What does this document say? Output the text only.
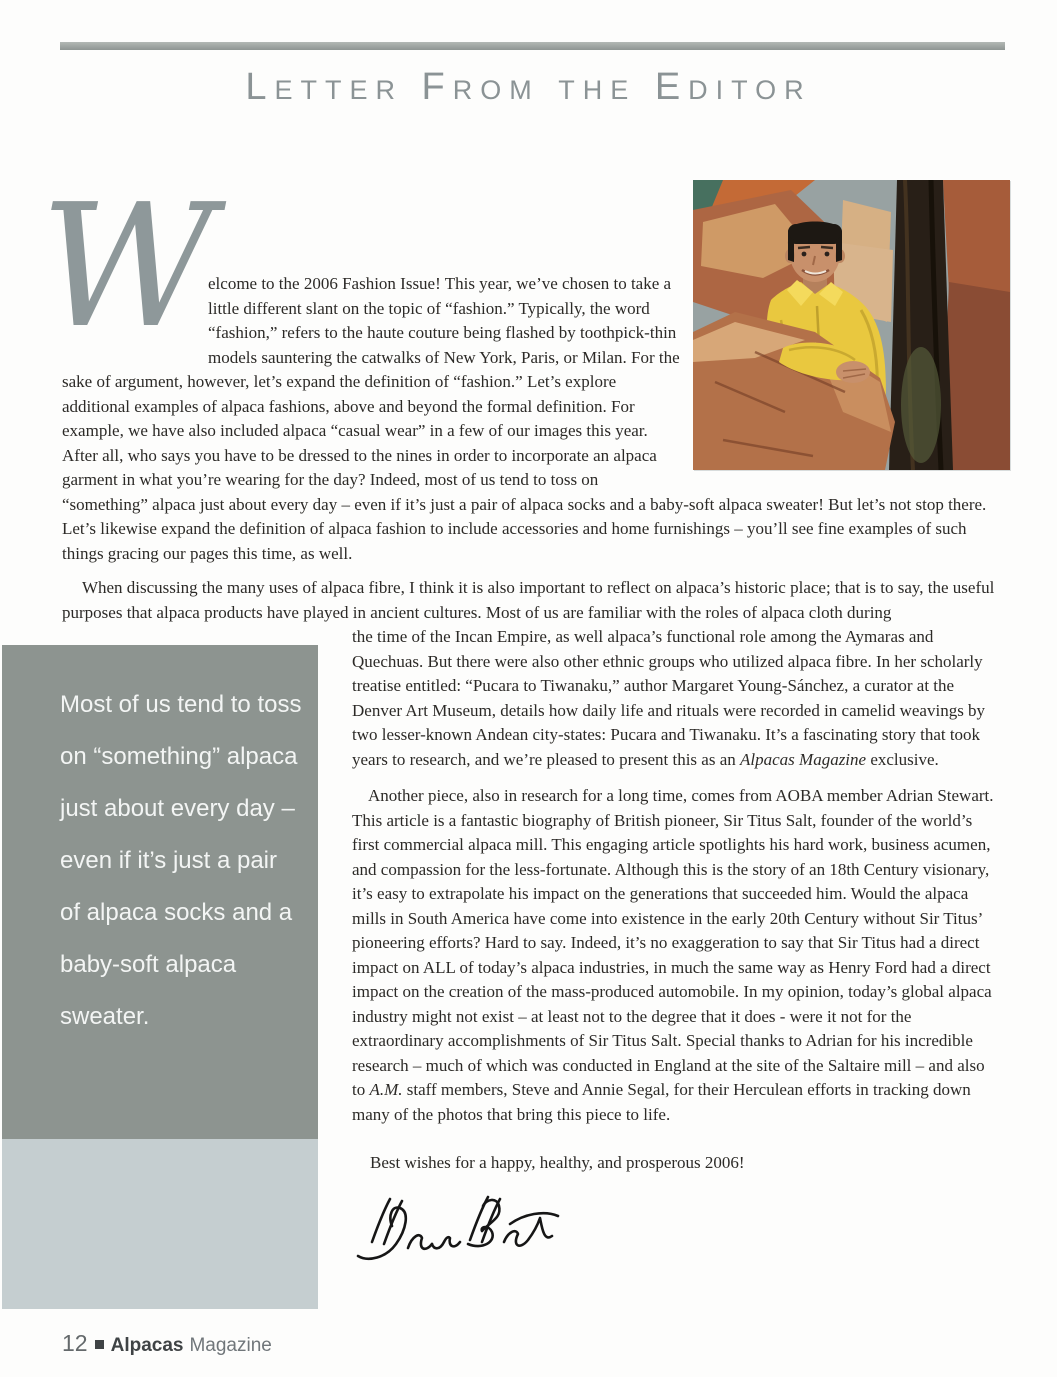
Letter From the Editor
W

elcome to the 2006 Fashion Issue! This year, we’ve chosen to take a little different slant on the topic of “fashion.” Typically, the word “fashion,” refers to the haute couture being flashed by toothpick-thin models sauntering the catwalks of New York, Paris, or Milan. For the sake of argument, however, let’s expand the definition of “fashion.” Let’s explore additional examples of alpaca fashions, above and beyond the formal definition. For example, we have also included alpaca “casual wear” in a few of our images this year. After all, who says you have to be dressed to the nines in order to incorporate an alpaca garment in what you’re wearing for the day? Indeed, most of us tend to toss on “something” alpaca just about every day – even if it’s just a pair of alpaca socks and a baby-soft alpaca sweater! But let’s not stop there. Let’s likewise expand the definition of alpaca fashion to include accessories and home furnishings – you’ll see fine examples of such things gracing our pages this time, as well.

When discussing the many uses of alpaca fibre, I think it is also important to reflect on alpaca’s historic place; that is to say, the useful purposes that alpaca products have played in ancient cultures. Most of us are familiar with the roles of alpaca cloth during

Most of us tend to toss on “something” alpaca just about every day – even if it’s just a pair of alpaca socks and a baby-soft alpaca sweater.
the time of the Incan Empire, as well alpaca’s functional role among the Aymaras and Quechuas. But there were also other ethnic groups who utilized alpaca fibre. In her scholarly treatise entitled: “Pucara to Tiwanaku,” author Margaret Young-Sánchez, a curator at the Denver Art Museum, details how daily life and rituals were recorded in camelid weavings by two lesser-known Andean city-states: Pucara and Tiwanaku. It’s a fascinating story that took years to research, and we’re pleased to present this as an Alpacas Magazine exclusive.

Another piece, also in research for a long time, comes from AOBA member Adrian Stewart. This article is a fantastic biography of British pioneer, Sir Titus Salt, founder of the world’s first commercial alpaca mill. This engaging article spotlights his hard work, business acumen, and compassion for the less-fortunate. Although this is the story of an 18th Century visionary, it’s easy to extrapolate his impact on the generations that succeeded him. Would the alpaca mills in South America have come into existence in the early 20th Century without Sir Titus’ pioneering efforts? Hard to say. Indeed, it’s no exaggeration to say that Sir Titus had a direct impact on ALL of today’s alpaca industries, in much the same way as Henry Ford had a direct impact on the creation of the mass-produced automobile. In my opinion, today’s global alpaca industry might not exist – at least not to the degree that it does - were it not for the extraordinary accomplishments of Sir Titus Salt. Special thanks to Adrian for his incredible research – much of which was conducted in England at the site of the Saltaire mill – and also to A.M. staff members, Steve and Annie Segal, for their Herculean efforts in tracking down many of the photos that bring this piece to life.

Best wishes for a happy, healthy, and prosperous 2006!

12 Alpacas Magazine
